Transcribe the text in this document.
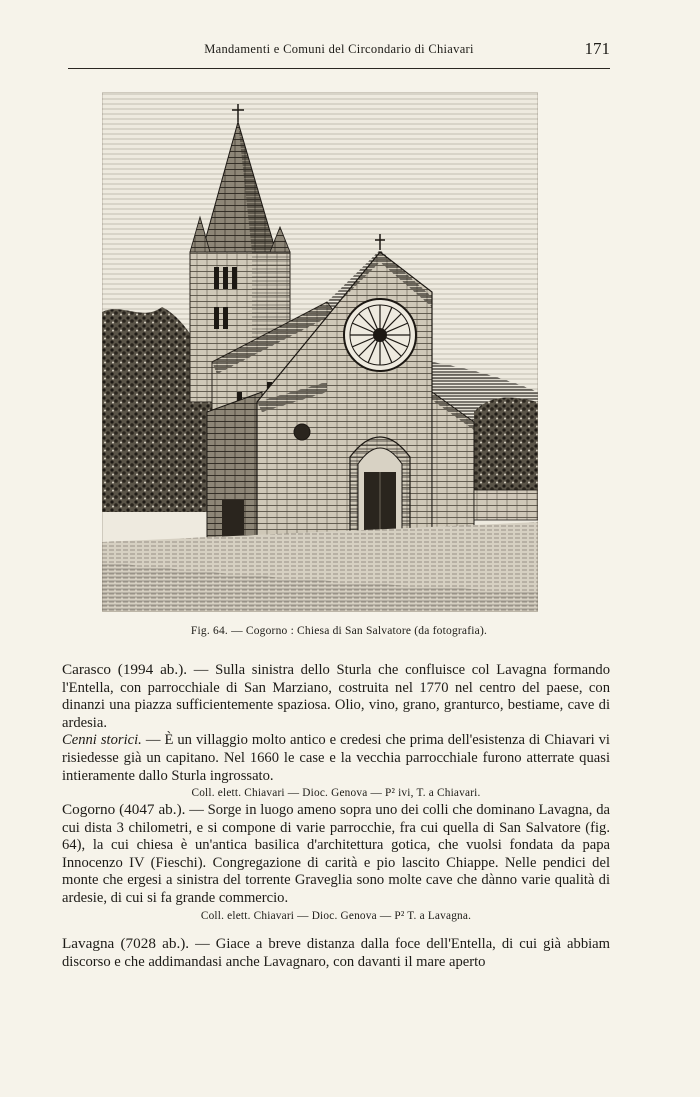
Mandamenti e Comuni del Circondario di Chiavari	171
Fig. 64. — Cogorno : Chiesa di San Salvatore (da fotografia).

Carasco (1994 ab.). — Sulla sinistra dello Sturla che confluisce col Lavagna formando l'Entella, con parrocchiale di San Marziano, costruita nel 1770 nel centro del paese, con dinanzi una piazza sufficientemente spaziosa. Olio, vino, grano, granturco, bestiame, cave di ardesia.

Cenni storici. — È un villaggio molto antico e credesi che prima dell'esistenza di Chiavari vi risiedesse già un capitano. Nel 1660 le case e la vecchia parrocchiale furono atterrate quasi intieramente dallo Sturla ingrossato.

Coll. elett. Chiavari — Dioc. Genova — P² ivi, T. a Chiavari.

Cogorno (4047 ab.). — Sorge in luogo ameno sopra uno dei colli che dominano Lavagna, da cui dista 3 chilometri, e si compone di varie parrocchie, fra cui quella di San Salvatore (fig. 64), la cui chiesa è un'antica basilica d'architettura gotica, che vuolsi fondata da papa Innocenzo IV (Fieschi). Congregazione di carità e pio lascito Chiappe. Nelle pendici del monte che ergesi a sinistra del torrente Graveglia sono molte cave che dànno varie qualità di ardesie, di cui si fa grande commercio.

Coll. elett. Chiavari — Dioc. Genova — P² T. a Lavagna.

Lavagna (7028 ab.). — Giace a breve distanza dalla foce dell'Entella, di cui già abbiam discorso e che addimandasi anche Lavagnaro, con davanti il mare aperto
